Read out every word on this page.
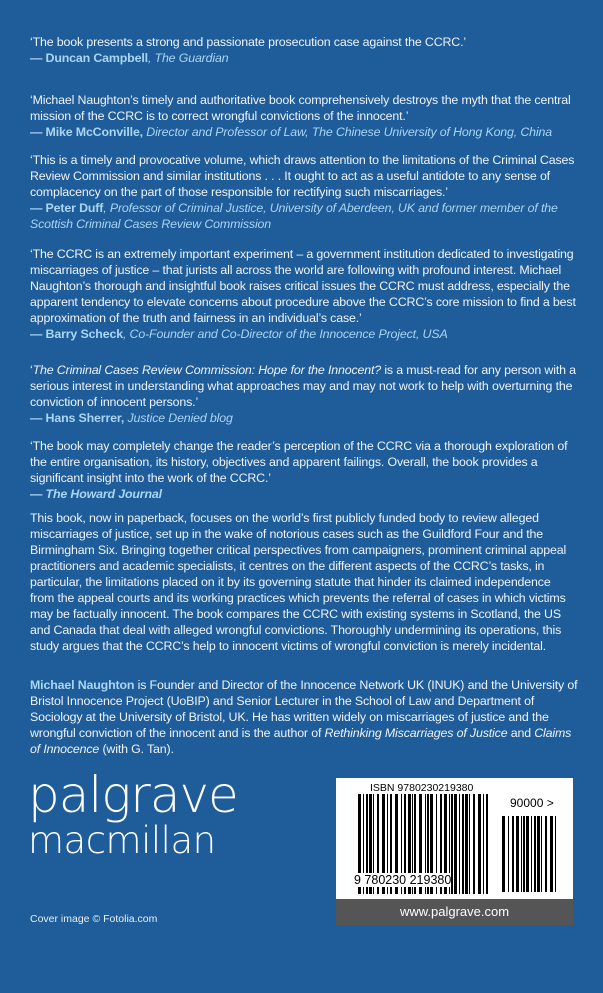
‘The book presents a strong and passionate prosecution case against the CCRC.’
— Duncan Campbell, The Guardian
‘Michael Naughton’s timely and authoritative book comprehensively destroys the myth that the central mission of the CCRC is to correct wrongful convictions of the innocent.’
— Mike McConville, Director and Professor of Law, The Chinese University of Hong Kong, China
‘This is a timely and provocative volume, which draws attention to the limitations of the Criminal Cases Review Commission and similar institutions . . . It ought to act as a useful antidote to any sense of complacency on the part of those responsible for rectifying such miscarriages.’
— Peter Duff, Professor of Criminal Justice, University of Aberdeen, UK and former member of the Scottish Criminal Cases Review Commission
‘The CCRC is an extremely important experiment – a government institution dedicated to investigating miscarriages of justice – that jurists all across the world are following with profound interest. Michael Naughton’s thorough and insightful book raises critical issues the CCRC must address, especially the apparent tendency to elevate concerns about procedure above the CCRC’s core mission to find a best approximation of the truth and fairness in an individual’s case.’
— Barry Scheck, Co-Founder and Co-Director of the Innocence Project, USA
‘The Criminal Cases Review Commission: Hope for the Innocent? is a must-read for any person with a serious interest in understanding what approaches may and may not work to help with overturning the conviction of innocent persons.’
— Hans Sherrer, Justice Denied blog
‘The book may completely change the reader’s perception of the CCRC via a thorough exploration of the entire organisation, its history, objectives and apparent failings. Overall, the book provides a significant insight into the work of the CCRC.’
— The Howard Journal
This book, now in paperback, focuses on the world’s first publicly funded body to review alleged miscarriages of justice, set up in the wake of notorious cases such as the Guildford Four and the Birmingham Six. Bringing together critical perspectives from campaigners, prominent criminal appeal practitioners and academic specialists, it centres on the different aspects of the CCRC’s tasks, in particular, the limitations placed on it by its governing statute that hinder its claimed independence from the appeal courts and its working practices which prevents the referral of cases in which victims may be factually innocent. The book compares the CCRC with existing systems in Scotland, the US and Canada that deal with alleged wrongful convictions. Thoroughly undermining its operations, this study argues that the CCRC’s help to innocent victims of wrongful conviction is merely incidental.
Michael Naughton is Founder and Director of the Innocence Network UK (INUK) and the University of Bristol Innocence Project (UoBIP) and Senior Lecturer in the School of Law and Department of Sociology at the University of Bristol, UK. He has written widely on miscarriages of justice and the wrongful conviction of the innocent and is the author of Rethinking Miscarriages of Justice and Claims of Innocence (with G. Tan).
palgrave
macmillan
Cover image © Fotolia.com
ISBN 9780230219380
90000 >
9 780230 219380
www.palgrave.com
